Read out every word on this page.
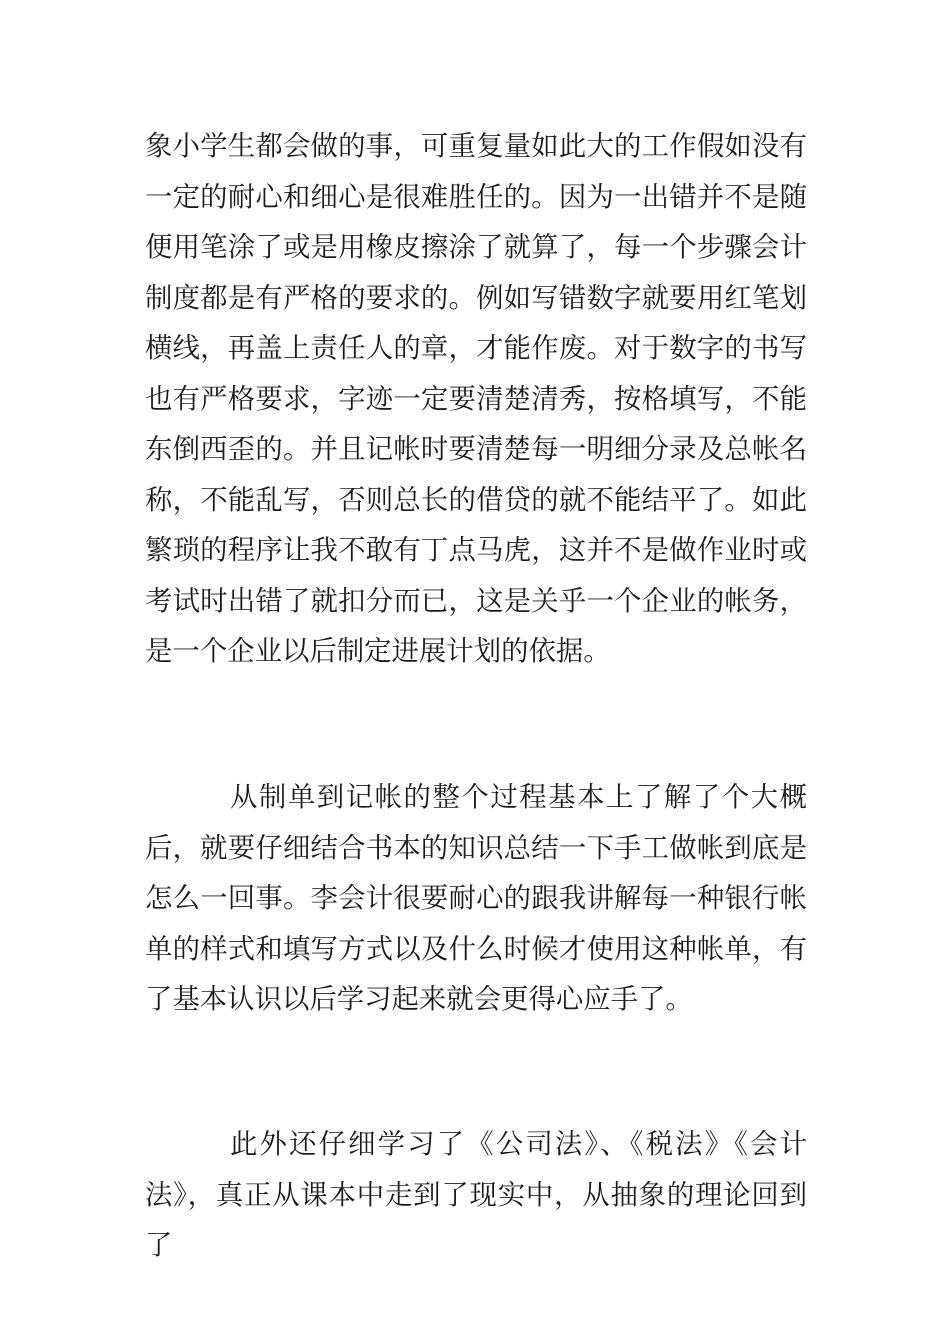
象小学生都会做的事，可重复量如此大的工作假如没有一定的耐心和细心是很难胜任的。因为一出错并不是随便用笔涂了或是用橡皮擦涂了就算了，每一个步骤会计制度都是有严格的要求的。例如写错数字就要用红笔划横线，再盖上责任人的章，才能作废。对于数字的书写也有严格要求，字迹一定要清楚清秀，按格填写，不能东倒西歪的。并且记帐时要清楚每一明细分录及总帐名称，不能乱写，否则总长的借贷的就不能结平了。如此繁琐的程序让我不敢有丁点马虎，这并不是做作业时或考试时出错了就扣分而已，这是关乎一个企业的帐务，是一个企业以后制定进展计划的依据。

从制单到记帐的整个过程基本上了解了个大概后，就要仔细结合书本的知识总结一下手工做帐到底是怎么一回事。李会计很要耐心的跟我讲解每一种银行帐单的样式和填写方式以及什么时候才使用这种帐单，有了基本认识以后学习起来就会更得心应手了。

此外还仔细学习了《公司法》、《税法》《会计法》，真正从课本中走到了现实中，从抽象的理论回到了
